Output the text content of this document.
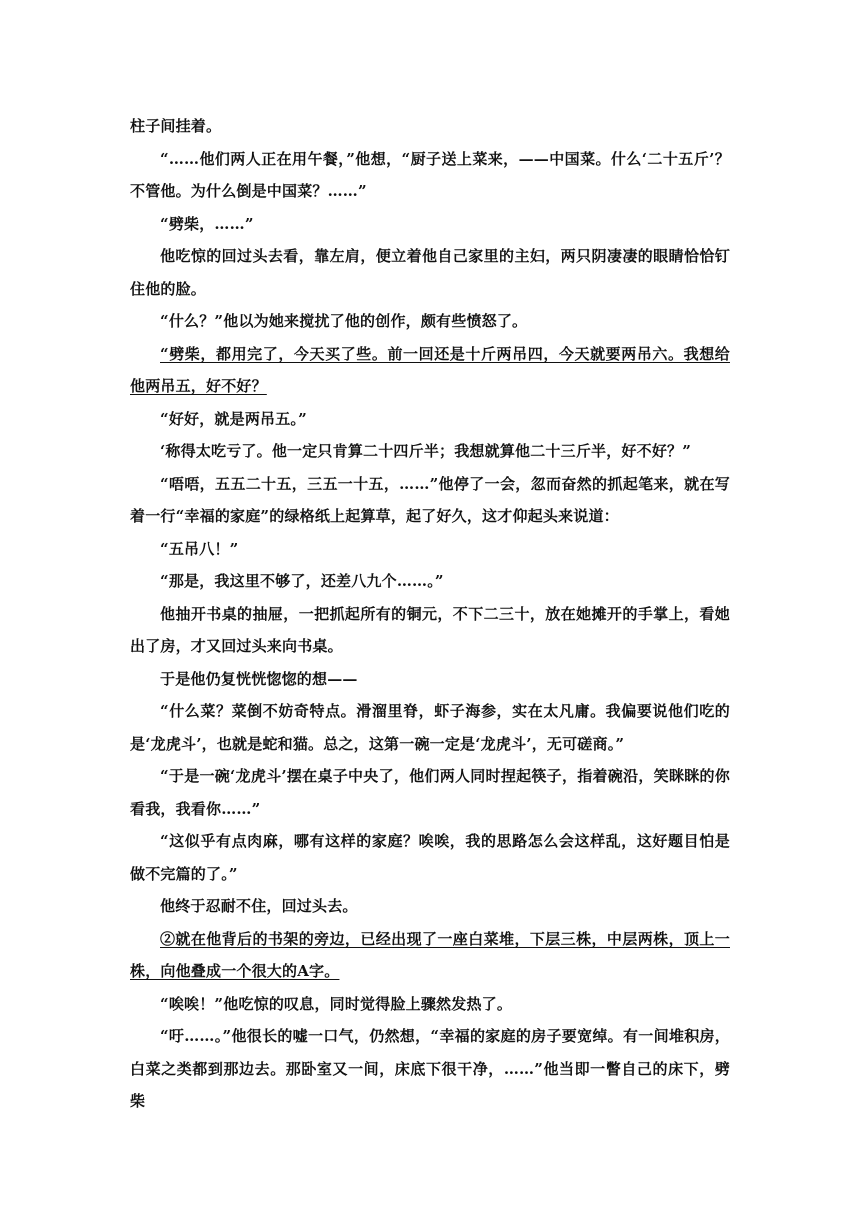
柱子间挂着。

“……他们两人正在用午餐，”他想，“厨子送上菜来，——中国菜。什么‘二十五斤’？不管他。为什么倒是中国菜？……”

“劈柴，……”

他吃惊的回过头去看，靠左肩，便立着他自己家里的主妇，两只阴凄凄的眼睛恰恰钉住他的脸。

“什么？”他以为她来搅扰了他的创作，颇有些愤怒了。

“劈柴，都用完了，今天买了些。前一回还是十斤两吊四，今天就要两吊六。我想给他两吊五，好不好？

“好好，就是两吊五。”

‘称得太吃亏了。他一定只肯算二十四斤半；我想就算他二十三斤半，好不好？”

“唔唔，五五二十五，三五一十五，……”他停了一会，忽而奋然的抓起笔来，就在写着一行“幸福的家庭”的绿格纸上起算草，起了好久，这才仰起头来说道：

“五吊八！”

“那是，我这里不够了，还差八九个……。”

他抽开书桌的抽屉，一把抓起所有的铜元，不下二三十，放在她摊开的手掌上，看她出了房，才又回过头来向书桌。

于是他仍复恍恍惚惚的想——

“什么菜？菜倒不妨奇特点。滑溜里脊，虾子海参，实在太凡庸。我偏要说他们吃的是‘龙虎斗’，也就是蛇和猫。总之，这第一碗一定是‘龙虎斗’，无可磋商。”

“于是一碗‘龙虎斗’摆在桌子中央了，他们两人同时捏起筷子，指着碗沿，笑眯眯的你看我，我看你……”

“这似乎有点肉麻，哪有这样的家庭？唉唉，我的思路怎么会这样乱，这好题目怕是做不完篇的了。”

他终于忍耐不住，回过头去。

②就在他背后的书架的旁边，已经出现了一座白菜堆，下层三株，中层两株，顶上一株，向他叠成一个很大的A字。

“唉唉！”他吃惊的叹息，同时觉得脸上骤然发热了。

“吁……。”他很长的嘘一口气，仍然想，“幸福的家庭的房子要宽绰。有一间堆积房，白菜之类都到那边去。那卧室又一间，床底下很干净，……”他当即一瞥自己的床下，劈柴
